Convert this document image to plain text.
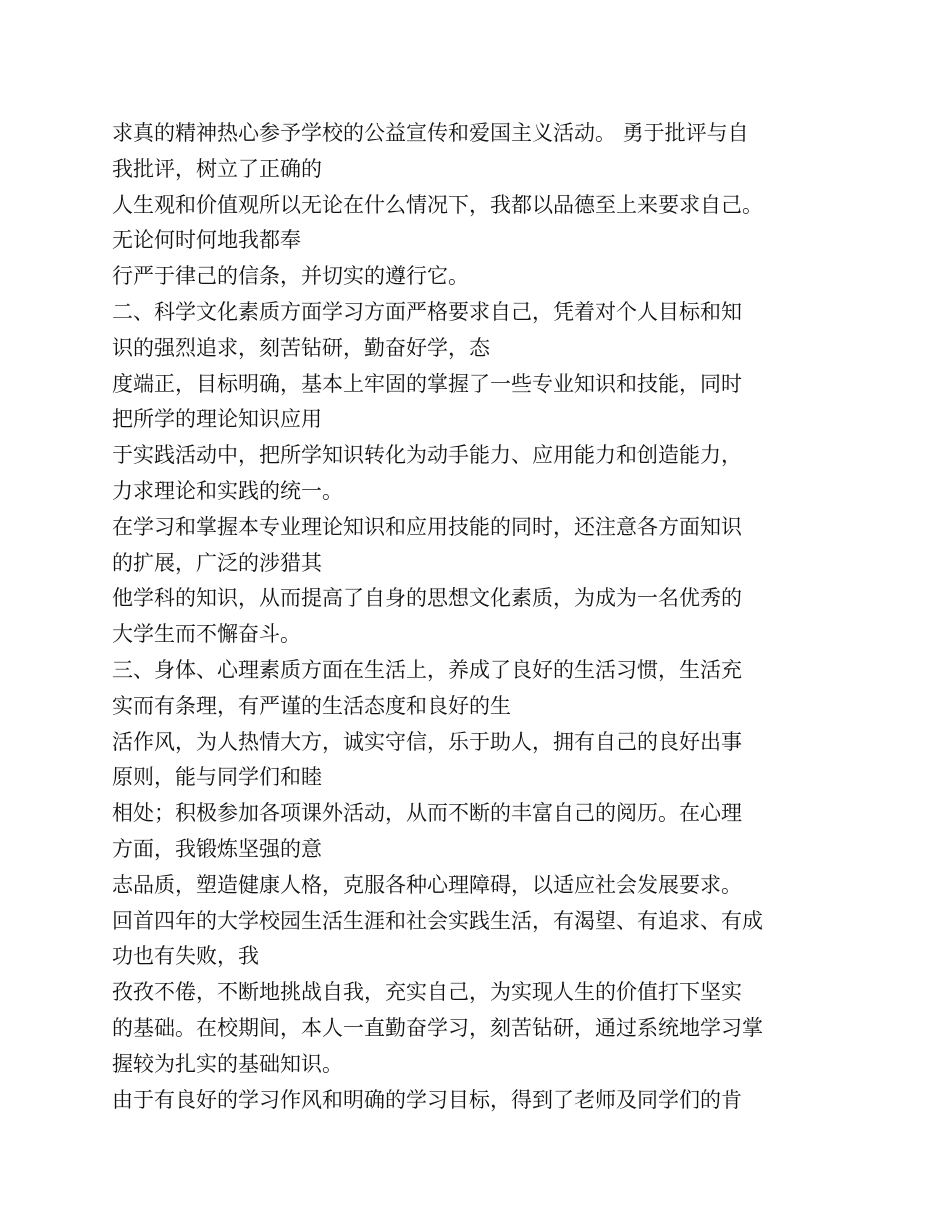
求真的精神热心参予学校的公益宣传和爱国主义活动。 勇于批评与自
我批评，树立了正确的
人生观和价值观所以无论在什么情况下，我都以品德至上来要求自己。
无论何时何地我都奉
行严于律己的信条，并切实的遵行它。
二、科学文化素质方面学习方面严格要求自己，凭着对个人目标和知
识的强烈追求，刻苦钻研，勤奋好学，态
度端正，目标明确，基本上牢固的掌握了一些专业知识和技能，同时
把所学的理论知识应用
于实践活动中，把所学知识转化为动手能力、应用能力和创造能力，
力求理论和实践的统一。
在学习和掌握本专业理论知识和应用技能的同时，还注意各方面知识
的扩展，广泛的涉猎其
他学科的知识，从而提高了自身的思想文化素质，为成为一名优秀的
大学生而不懈奋斗。
三、身体、心理素质方面在生活上，养成了良好的生活习惯，生活充
实而有条理，有严谨的生活态度和良好的生
活作风，为人热情大方，诚实守信，乐于助人，拥有自己的良好出事
原则，能与同学们和睦
相处；积极参加各项课外活动，从而不断的丰富自己的阅历。在心理
方面，我锻炼坚强的意
志品质，塑造健康人格，克服各种心理障碍，以适应社会发展要求。
回首四年的大学校园生活生涯和社会实践生活，有渴望、有追求、有成
功也有失败，我
孜孜不倦，不断地挑战自我，充实自己，为实现人生的价值打下坚实
的基础。在校期间，本人一直勤奋学习，刻苦钻研，通过系统地学习掌
握较为扎实的基础知识。
由于有良好的学习作风和明确的学习目标，得到了老师及同学们的肯
